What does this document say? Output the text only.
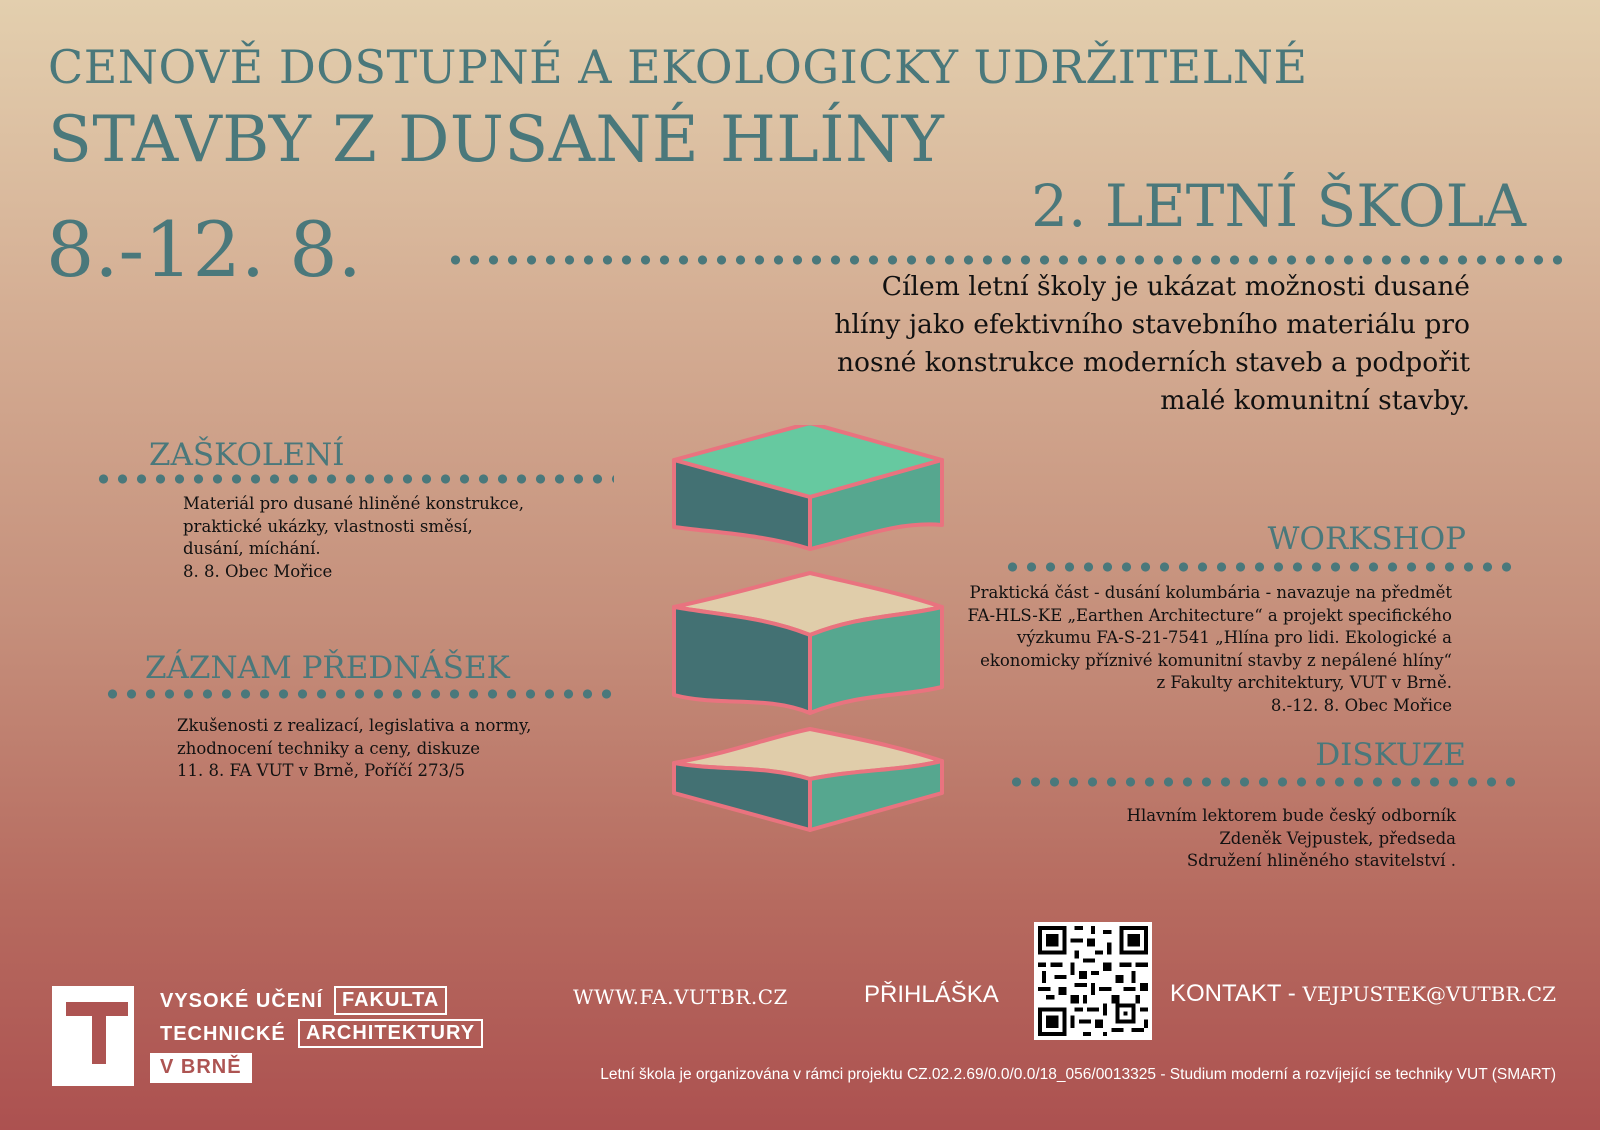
CENOVĚ DOSTUPNÉ A EKOLOGICKY UDRŽITELNÉ
STAVBY Z DUSANÉ HLÍNY
8.-12. 8.	2. LETNÍ ŠKOLA
Cílem letní školy je ukázat možnosti dusané
hlíny jako efektivního stavebního materiálu pro
nosné konstrukce moderních staveb a podpořit
malé komunitní stavby.
ZAŠKOLENÍ
Materiál pro dusané hliněné konstrukce,
praktické ukázky, vlastnosti směsí,
dusání, míchání.
8. 8. Obec Mořice
ZÁZNAM PŘEDNÁŠEK
Zkušenosti z realizací, legislativa a normy,
zhodnocení techniky a ceny, diskuze
11. 8. FA VUT v Brně, Poříčí 273/5
WORKSHOP
Praktická část - dusání kolumbária - navazuje na předmět
FA-HLS-KE „Earthen Architecture“ a projekt specifického
výzkumu FA-S-21-7541 „Hlína pro lidi. Ekologické a
ekonomicky příznivé komunitní stavby z nepálené hlíny“
z Fakulty architektury, VUT v Brně.
8.-12. 8. Obec Mořice
DISKUZE
Hlavním lektorem bude český odborník
Zdeněk Vejpustek, předseda
Sdružení hliněného stavitelství .
VYSOKÉ UČENÍ
TECHNICKÉ
V BRNĚ
FAKULTA
ARCHITEKTURY
WWW.FA.VUTBR.CZ	PŘIHLÁŠKA	KONTAKT - VEJPUSTEK@VUTBR.CZ
Letní škola je organizována v rámci projektu CZ.02.2.69/0.0/0.0/18_056/0013325 - Studium moderní a rozvíjející se techniky VUT (SMART)
